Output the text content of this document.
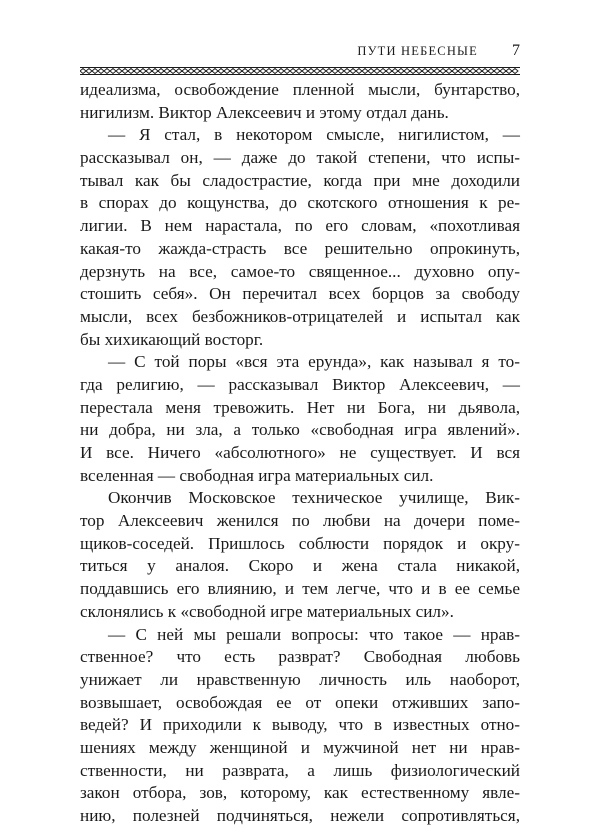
ПУТИ НЕБЕСНЫЕ 7
идеализма, освобождение пленной мысли, бунтарство,
нигилизм. Виктор Алексеевич и этому отдал дань.
— Я стал, в некотором смысле, нигилистом, —
рассказывал он, — даже до такой степени, что испы-
тывал как бы сладострастие, когда при мне доходили
в спорах до кощунства, до скотского отношения к ре-
лигии. В нем нарастала, по его словам, «похотливая
какая-то жажда-страсть все решительно опрокинуть,
дерзнуть на все, самое-то священное... духовно опу-
стошить себя». Он перечитал всех борцов за свободу
мысли, всех безбожников-отрицателей и испытал как
бы хихикающий восторг.
— С той поры «вся эта ерунда», как называл я то-
гда религию, — рассказывал Виктор Алексеевич, —
перестала меня тревожить. Нет ни Бога, ни дьявола,
ни добра, ни зла, а только «свободная игра явлений».
И все. Ничего «абсолютного» не существует. И вся
вселенная — свободная игра материальных сил.
Окончив Московское техническое училище, Вик-
тор Алексеевич женился по любви на дочери поме-
щиков-соседей. Пришлось соблюсти порядок и окру-
титься у аналоя. Скоро и жена стала никакой,
поддавшись его влиянию, и тем легче, что и в ее семье
склонялись к «свободной игре материальных сил».
— С ней мы решали вопросы: что такое — нрав-
ственное? что есть разврат? Свободная любовь
унижает ли нравственную личность иль наоборот,
возвышает, освобождая ее от опеки отживших запо-
ведей? И приходили к выводу, что в известных отно-
шениях между женщиной и мужчиной нет ни нрав-
ственности, ни разврата, а лишь физиологический
закон отбора, зов, которому, как естественному явле-
нию, полезней подчиняться, нежели сопротивляться,
